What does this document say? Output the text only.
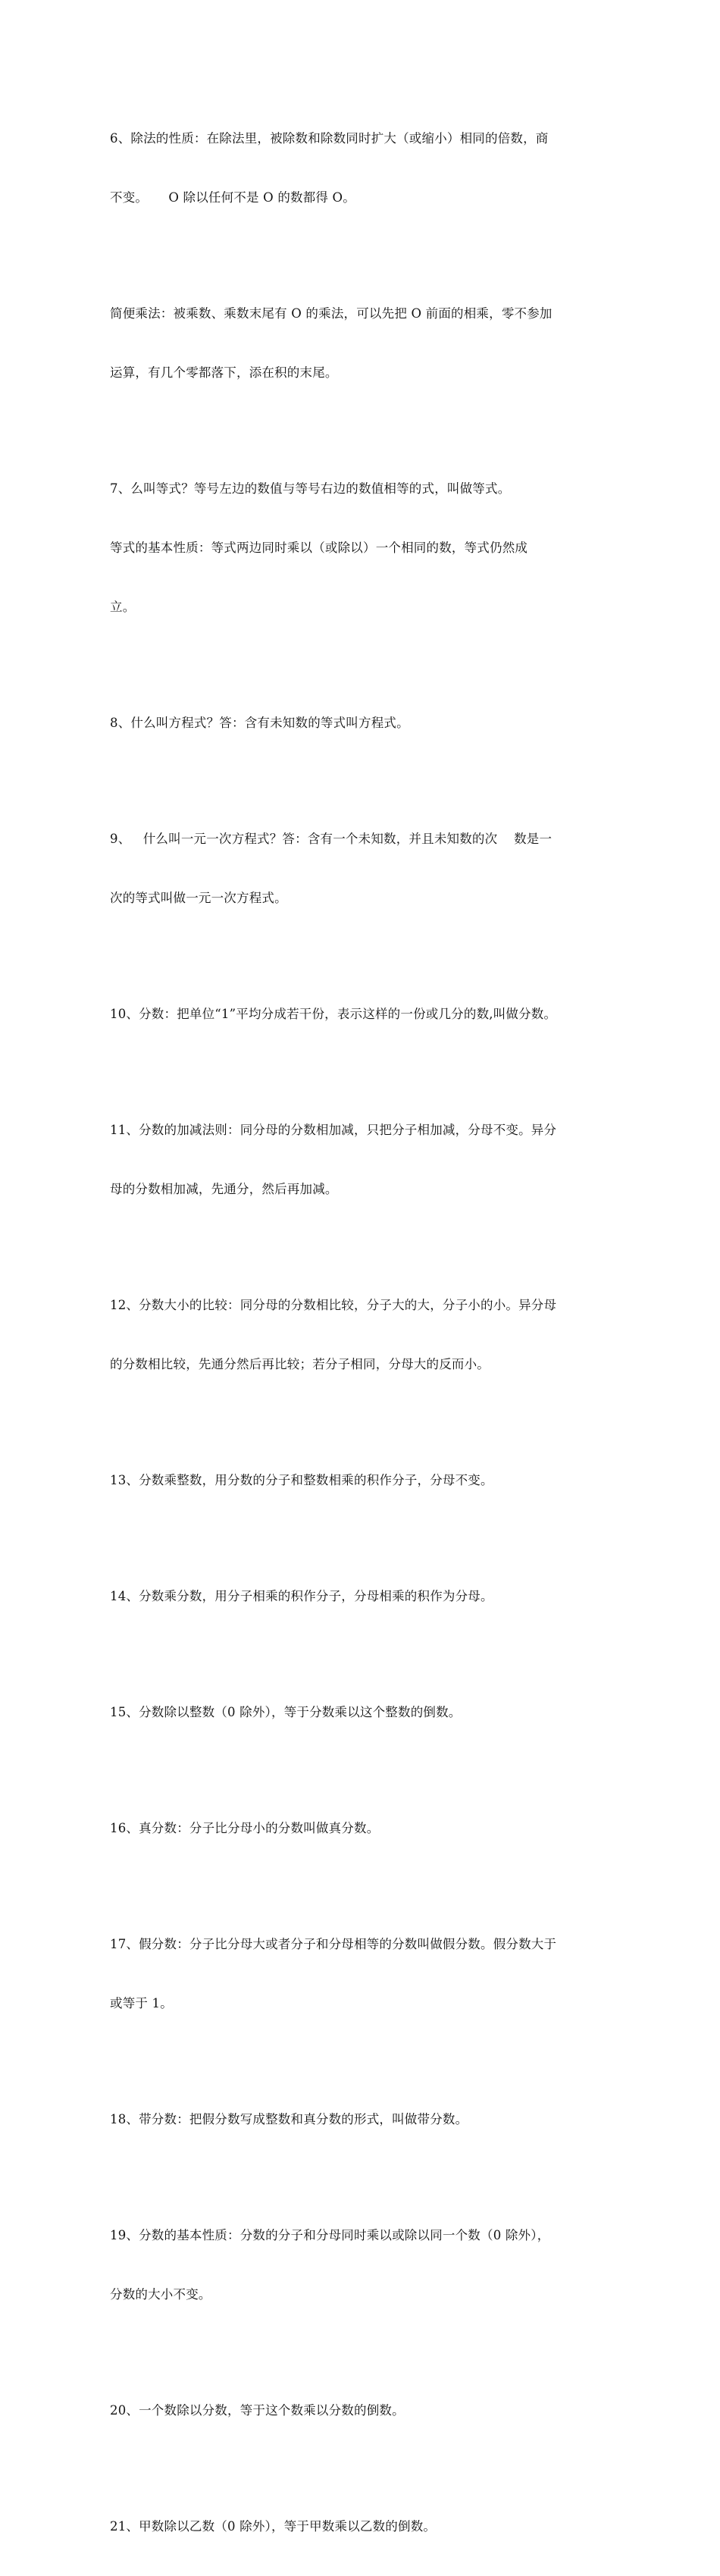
6、除法的性质：在除法里，被除数和除数同时扩大（或缩小）相同的倍数，商

不变。     O 除以任何不是 O 的数都得 O。

简便乘法：被乘数、乘数末尾有 O 的乘法，可以先把 O 前面的相乘，零不参加

运算，有几个零都落下，添在积的末尾。

7、么叫等式？等号左边的数值与等号右边的数值相等的式，叫做等式。

等式的基本性质：等式两边同时乘以（或除以）一个相同的数，等式仍然成

立。

8、什么叫方程式？答：含有未知数的等式叫方程式。

9、   什么叫一元一次方程式？答：含有一个未知数，并且未知数的次    数是一

次的等式叫做一元一次方程式。

10、分数：把单位“1”平均分成若干份，表示这样的一份或几分的数,叫做分数。

11、分数的加减法则：同分母的分数相加减，只把分子相加减，分母不变。异分

母的分数相加减，先通分，然后再加减。

12、分数大小的比较：同分母的分数相比较，分子大的大，分子小的小。异分母

的分数相比较，先通分然后再比较；若分子相同，分母大的反而小。

13、分数乘整数，用分数的分子和整数相乘的积作分子，分母不变。

14、分数乘分数，用分子相乘的积作分子，分母相乘的积作为分母。

15、分数除以整数（0 除外），等于分数乘以这个整数的倒数。

16、真分数：分子比分母小的分数叫做真分数。

17、假分数：分子比分母大或者分子和分母相等的分数叫做假分数。假分数大于

或等于 1。

18、带分数：把假分数写成整数和真分数的形式，叫做带分数。

19、分数的基本性质：分数的分子和分母同时乘以或除以同一个数（0 除外），

分数的大小不变。

20、一个数除以分数，等于这个数乘以分数的倒数。

21、甲数除以乙数（0 除外），等于甲数乘以乙数的倒数。
